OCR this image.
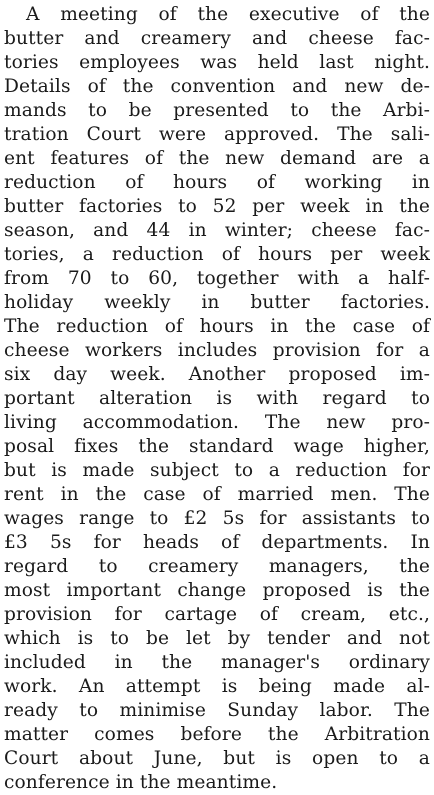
A meeting of the executive of the
butter and creamery and cheese fac-
tories employees was held last night.
Details of the convention and new de-
mands to be presented to the Arbi-
tration Court were approved. The sali-
ent features of the new demand are a
reduction of hours of working in
butter factories to 52 per week in the
season, and 44 in winter; cheese fac-
tories, a reduction of hours per week
from 70 to 60, together with a half-
holiday weekly in butter factories.
The reduction of hours in the case of
cheese workers includes provision for a
six day week. Another proposed im-
portant alteration is with regard to
living accommodation. The new pro-
posal fixes the standard wage higher,
but is made subject to a reduction for
rent in the case of married men. The
wages range to £2 5s for assistants to
£3 5s for heads of departments. In
regard to creamery managers, the
most important change proposed is the
provision for cartage of cream, etc.,
which is to be let by tender and not
included in the manager's ordinary
work. An attempt is being made al-
ready to minimise Sunday labor. The
matter comes before the Arbitration
Court about June, but is open to a
conference in the meantime.
